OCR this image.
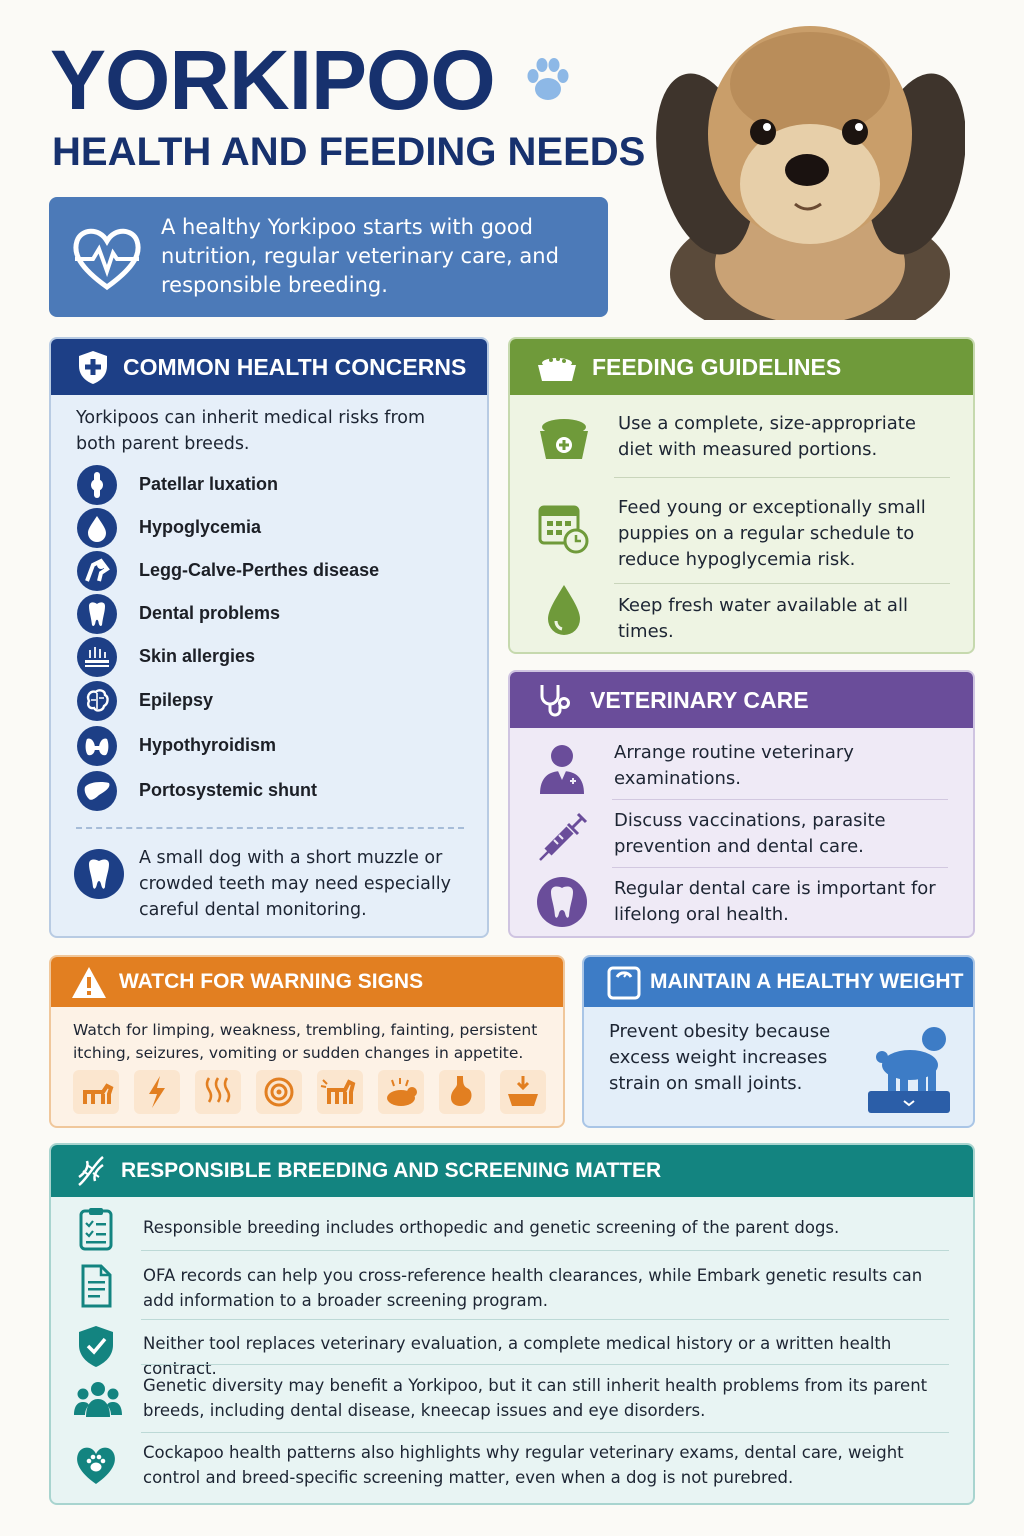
YORKIPOO
HEALTH AND FEEDING NEEDS
A healthy Yorkipoo starts with good nutrition, regular veterinary care, and responsible breeding.
COMMON HEALTH CONCERNS
Yorkipoos can inherit medical risks from both parent breeds.
Patellar luxation
Hypoglycemia
Legg-Calve-Perthes disease
Dental problems
Skin allergies
Epilepsy
Hypothyroidism
Portosystemic shunt
A small dog with a short muzzle or crowded teeth may need especially careful dental monitoring.
FEEDING GUIDELINES
Use a complete, size-appropriate diet with measured portions.
Feed young or exceptionally small puppies on a regular schedule to reduce hypoglycemia risk.
Keep fresh water available at all times.
VETERINARY CARE
Arrange routine veterinary examinations.
Discuss vaccinations, parasite prevention and dental care.
Regular dental care is important for lifelong oral health.
WATCH FOR WARNING SIGNS
Watch for limping, weakness, trembling, fainting, persistent itching, seizures, vomiting or sudden changes in appetite.
MAINTAIN A HEALTHY WEIGHT
Prevent obesity because excess weight increases strain on small joints.
RESPONSIBLE BREEDING AND SCREENING MATTER
Responsible breeding includes orthopedic and genetic screening of the parent dogs.
OFA records can help you cross-reference health clearances, while Embark genetic results can add information to a broader screening program.
Neither tool replaces veterinary evaluation, a complete medical history or a written health contract.
Genetic diversity may benefit a Yorkipoo, but it can still inherit health problems from its parent breeds, including dental disease, kneecap issues and eye disorders.
Cockapoo health patterns also highlights why regular veterinary exams, dental care, weight control and breed-specific screening matter, even when a dog is not purebred.
